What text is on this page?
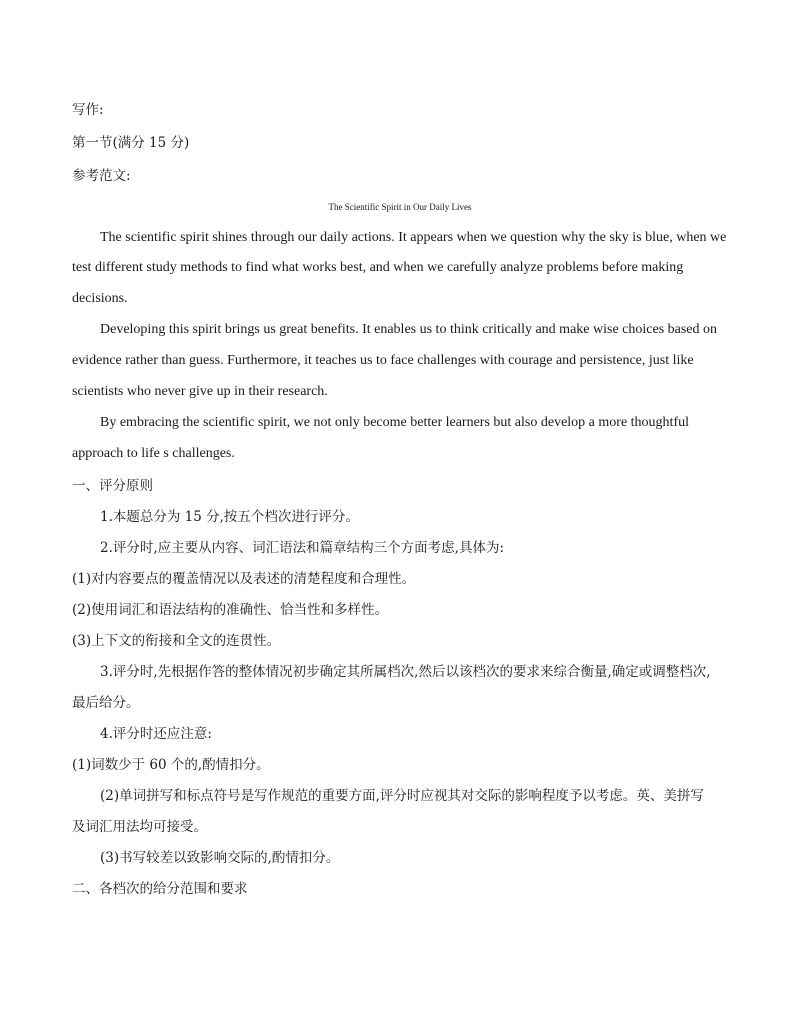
写作:
第一节(满分 15 分)
参考范文:
The Scientific Spirit in Our Daily Lives
The scientific spirit shines through our daily actions. It appears when we question why the sky is blue, when we
test different study methods to find what works best, and when we carefully analyze problems before making
decisions.
Developing this spirit brings us great benefits. It enables us to think critically and make wise choices based on
evidence rather than guess. Furthermore, it teaches us to face challenges with courage and persistence, just like
scientists who never give up in their research.
By embracing the scientific spirit, we not only become better learners but also develop a more thoughtful
approach to life s challenges.
一、评分原则
1.本题总分为 15 分,按五个档次进行评分。
2.评分时,应主要从内容、词汇语法和篇章结构三个方面考虑,具体为:
(1)对内容要点的覆盖情况以及表述的清楚程度和合理性。
(2)使用词汇和语法结构的准确性、恰当性和多样性。
(3)上下文的衔接和全文的连贯性。
3.评分时,先根据作答的整体情况初步确定其所属档次,然后以该档次的要求来综合衡量,确定或调整档次,
最后给分。
4.评分时还应注意:
(1)词数少于 60 个的,酌情扣分。
(2)单词拼写和标点符号是写作规范的重要方面,评分时应视其对交际的影响程度予以考虑。英、美拼写
及词汇用法均可接受。
(3)书写较差以致影响交际的,酌情扣分。
二、各档次的给分范围和要求
